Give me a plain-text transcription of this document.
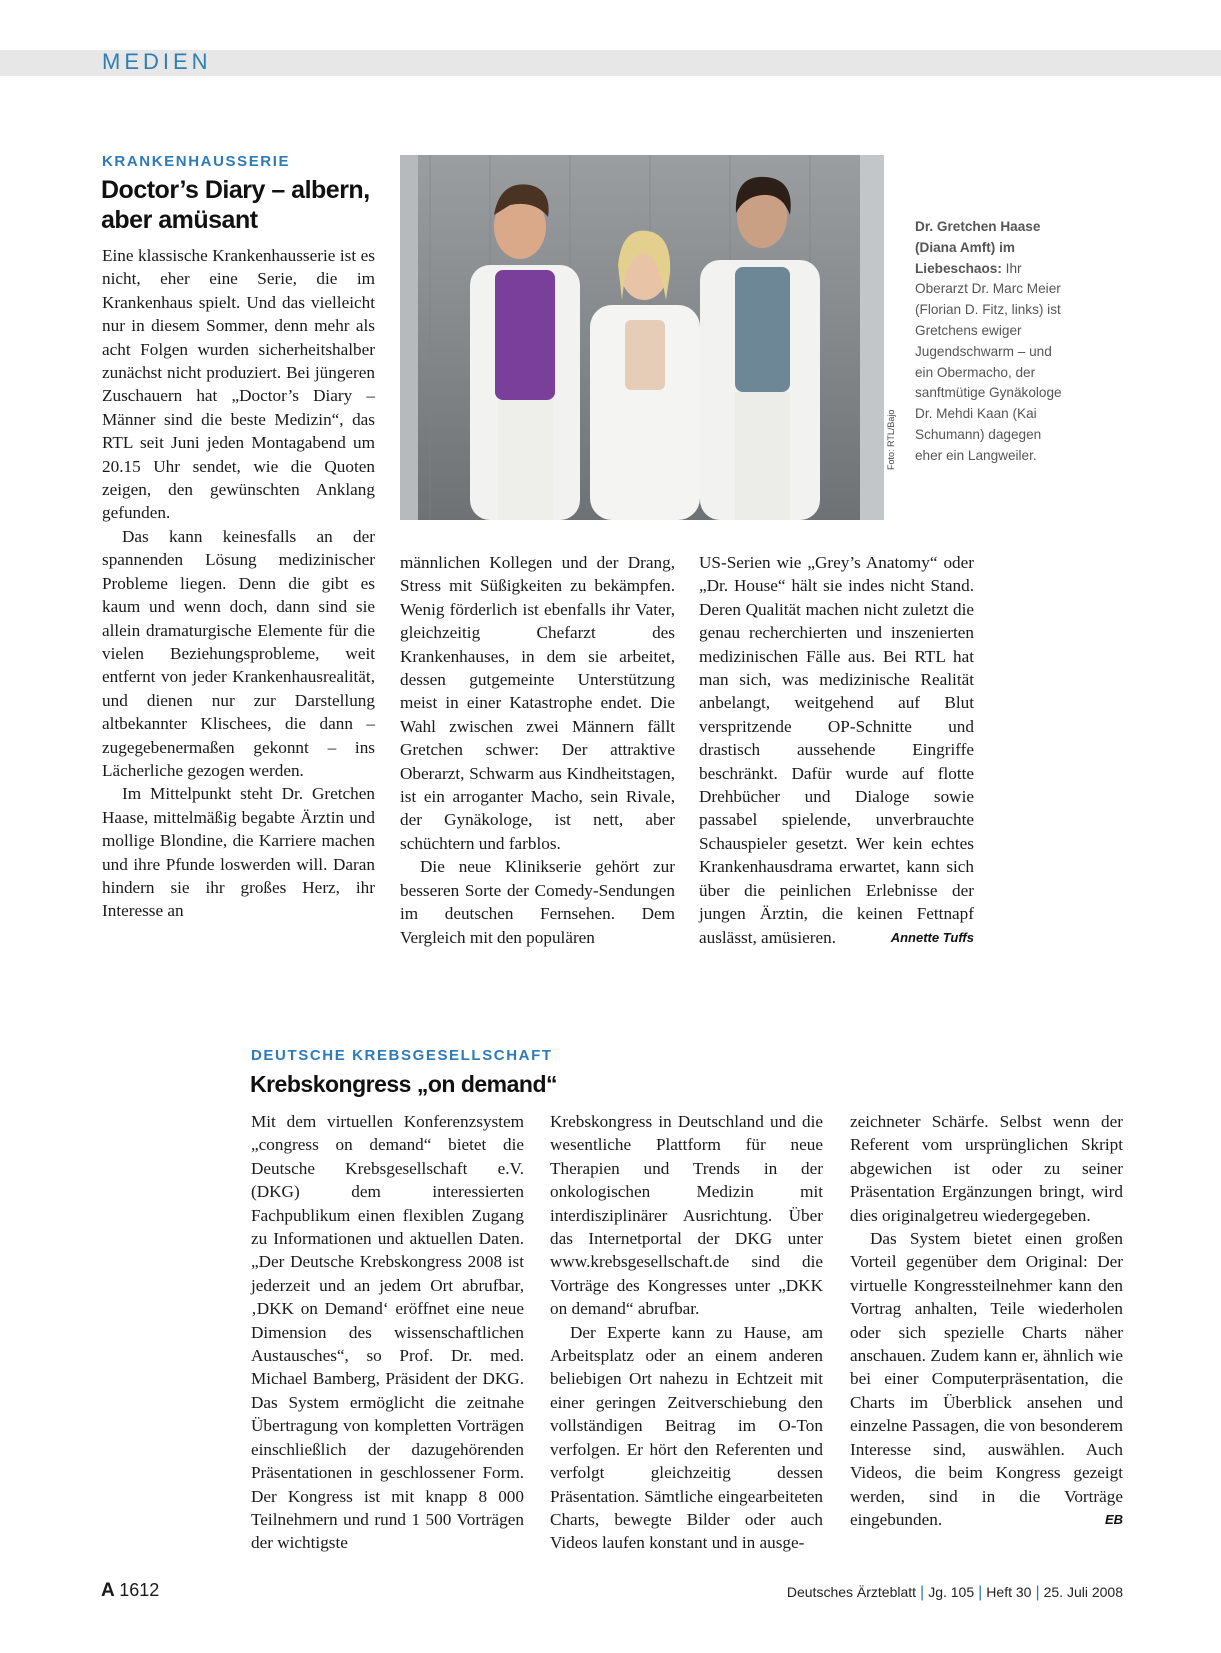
MEDIEN
KRANKENHAUSSERIE
Doctor’s Diary – albern,
aber amüsant

Eine klassische Krankenhausserie ist es nicht, eher eine Serie, die im Krankenhaus spielt. Und das vielleicht nur in diesem Sommer, denn mehr als acht Folgen wurden sicherheitshalber zunächst nicht produziert. Bei jüngeren Zuschauern hat „Doctor’s Diary – Männer sind die beste Medizin“, das RTL seit Juni jeden Montagabend um 20.15 Uhr sendet, wie die Quoten zeigen, den gewünschten Anklang gefunden.

Das kann keinesfalls an der spannenden Lösung medizinischer Probleme liegen. Denn die gibt es kaum und wenn doch, dann sind sie allein dramaturgische Elemente für die vielen Beziehungsprobleme, weit entfernt von jeder Krankenhausrealität, und dienen nur zur Darstellung altbekannter Klischees, die dann – zugegebenermaßen gekonnt – ins Lächerliche gezogen werden.

Im Mittelpunkt steht Dr. Gretchen Haase, mittelmäßig begabte Ärztin und mollige Blondine, die Karriere machen und ihre Pfunde loswerden will. Daran hindern sie ihr großes Herz, ihr Interesse an

Foto: RTL/Bajo
Dr. Gretchen Haase (Diana Amft) im Liebeschaos: Ihr Oberarzt Dr. Marc Meier (Florian D. Fitz, links) ist Gretchens ewiger Jugendschwarm – und ein Obermacho, der sanftmütige Gynäkologe Dr. Mehdi Kaan (Kai Schumann) dagegen eher ein Langweiler.

männlichen Kollegen und der Drang, Stress mit Süßigkeiten zu bekämpfen. Wenig förderlich ist ebenfalls ihr Vater, gleichzeitig Chefarzt des Krankenhauses, in dem sie arbeitet, dessen gutgemeinte Unterstützung meist in einer Katastrophe endet. Die Wahl zwischen zwei Männern fällt Gretchen schwer: Der attraktive Oberarzt, Schwarm aus Kindheitstagen, ist ein arroganter Macho, sein Rivale, der Gynäkologe, ist nett, aber schüchtern und farblos.

Die neue Klinikserie gehört zur besseren Sorte der Comedy-Sendungen im deutschen Fernsehen. Dem Vergleich mit den populären

US-Serien wie „Grey’s Anatomy“ oder „Dr. House“ hält sie indes nicht Stand. Deren Qualität machen nicht zuletzt die genau recherchierten und inszenierten medizinischen Fälle aus. Bei RTL hat man sich, was medizinische Realität anbelangt, weitgehend auf Blut verspritzende OP-Schnitte und drastisch aussehende Eingriffe beschränkt. Dafür wurde auf flotte Drehbücher und Dialoge sowie passabel spielende, unverbrauchte Schauspieler gesetzt. Wer kein echtes Krankenhausdrama erwartet, kann sich über die peinlichen Erlebnisse der jungen Ärztin, die keinen Fettnapf auslässt, amüsieren.	Annette Tuffs

DEUTSCHE KREBSGESELLSCHAFT
Krebskongress „on demand“

Mit dem virtuellen Konferenzsystem „congress on demand“ bietet die Deutsche Krebsgesellschaft e.V. (DKG) dem interessierten Fachpublikum einen flexiblen Zugang zu Informationen und aktuellen Daten. „Der Deutsche Krebskongress 2008 ist jederzeit und an jedem Ort abrufbar, ‚DKK on Demand‘ eröffnet eine neue Dimension des wissenschaftlichen Austausches“, so Prof. Dr. med. Michael Bamberg, Präsident der DKG. Das System ermöglicht die zeitnahe Übertragung von kompletten Vorträgen einschließlich der dazugehörenden Präsentationen in geschlossener Form. Der Kongress ist mit knapp 8 000 Teilnehmern und rund 1 500 Vorträgen der wichtigste

Krebskongress in Deutschland und die wesentliche Plattform für neue Therapien und Trends in der onkologischen Medizin mit interdisziplinärer Ausrichtung. Über das Internetportal der DKG unter www.krebsgesellschaft.de sind die Vorträge des Kongresses unter „DKK on demand“ abrufbar.

Der Experte kann zu Hause, am Arbeitsplatz oder an einem anderen beliebigen Ort nahezu in Echtzeit mit einer geringen Zeitverschiebung den vollständigen Beitrag im O-Ton verfolgen. Er hört den Referenten und verfolgt gleichzeitig dessen Präsentation. Sämtliche eingearbeiteten Charts, bewegte Bilder oder auch Videos laufen konstant und in ausge-

zeichneter Schärfe. Selbst wenn der Referent vom ursprünglichen Skript abgewichen ist oder zu seiner Präsentation Ergänzungen bringt, wird dies originalgetreu wiedergegeben.

Das System bietet einen großen Vorteil gegenüber dem Original: Der virtuelle Kongressteilnehmer kann den Vortrag anhalten, Teile wiederholen oder sich spezielle Charts näher anschauen. Zudem kann er, ähnlich wie bei einer Computerpräsentation, die Charts im Überblick ansehen und einzelne Passagen, die von besonderem Interesse sind, auswählen. Auch Videos, die beim Kongress gezeigt werden, sind in die Vorträge eingebunden.	EB

A 1612	Deutsches Ärzteblatt | Jg. 105 | Heft 30 | 25. Juli 2008
